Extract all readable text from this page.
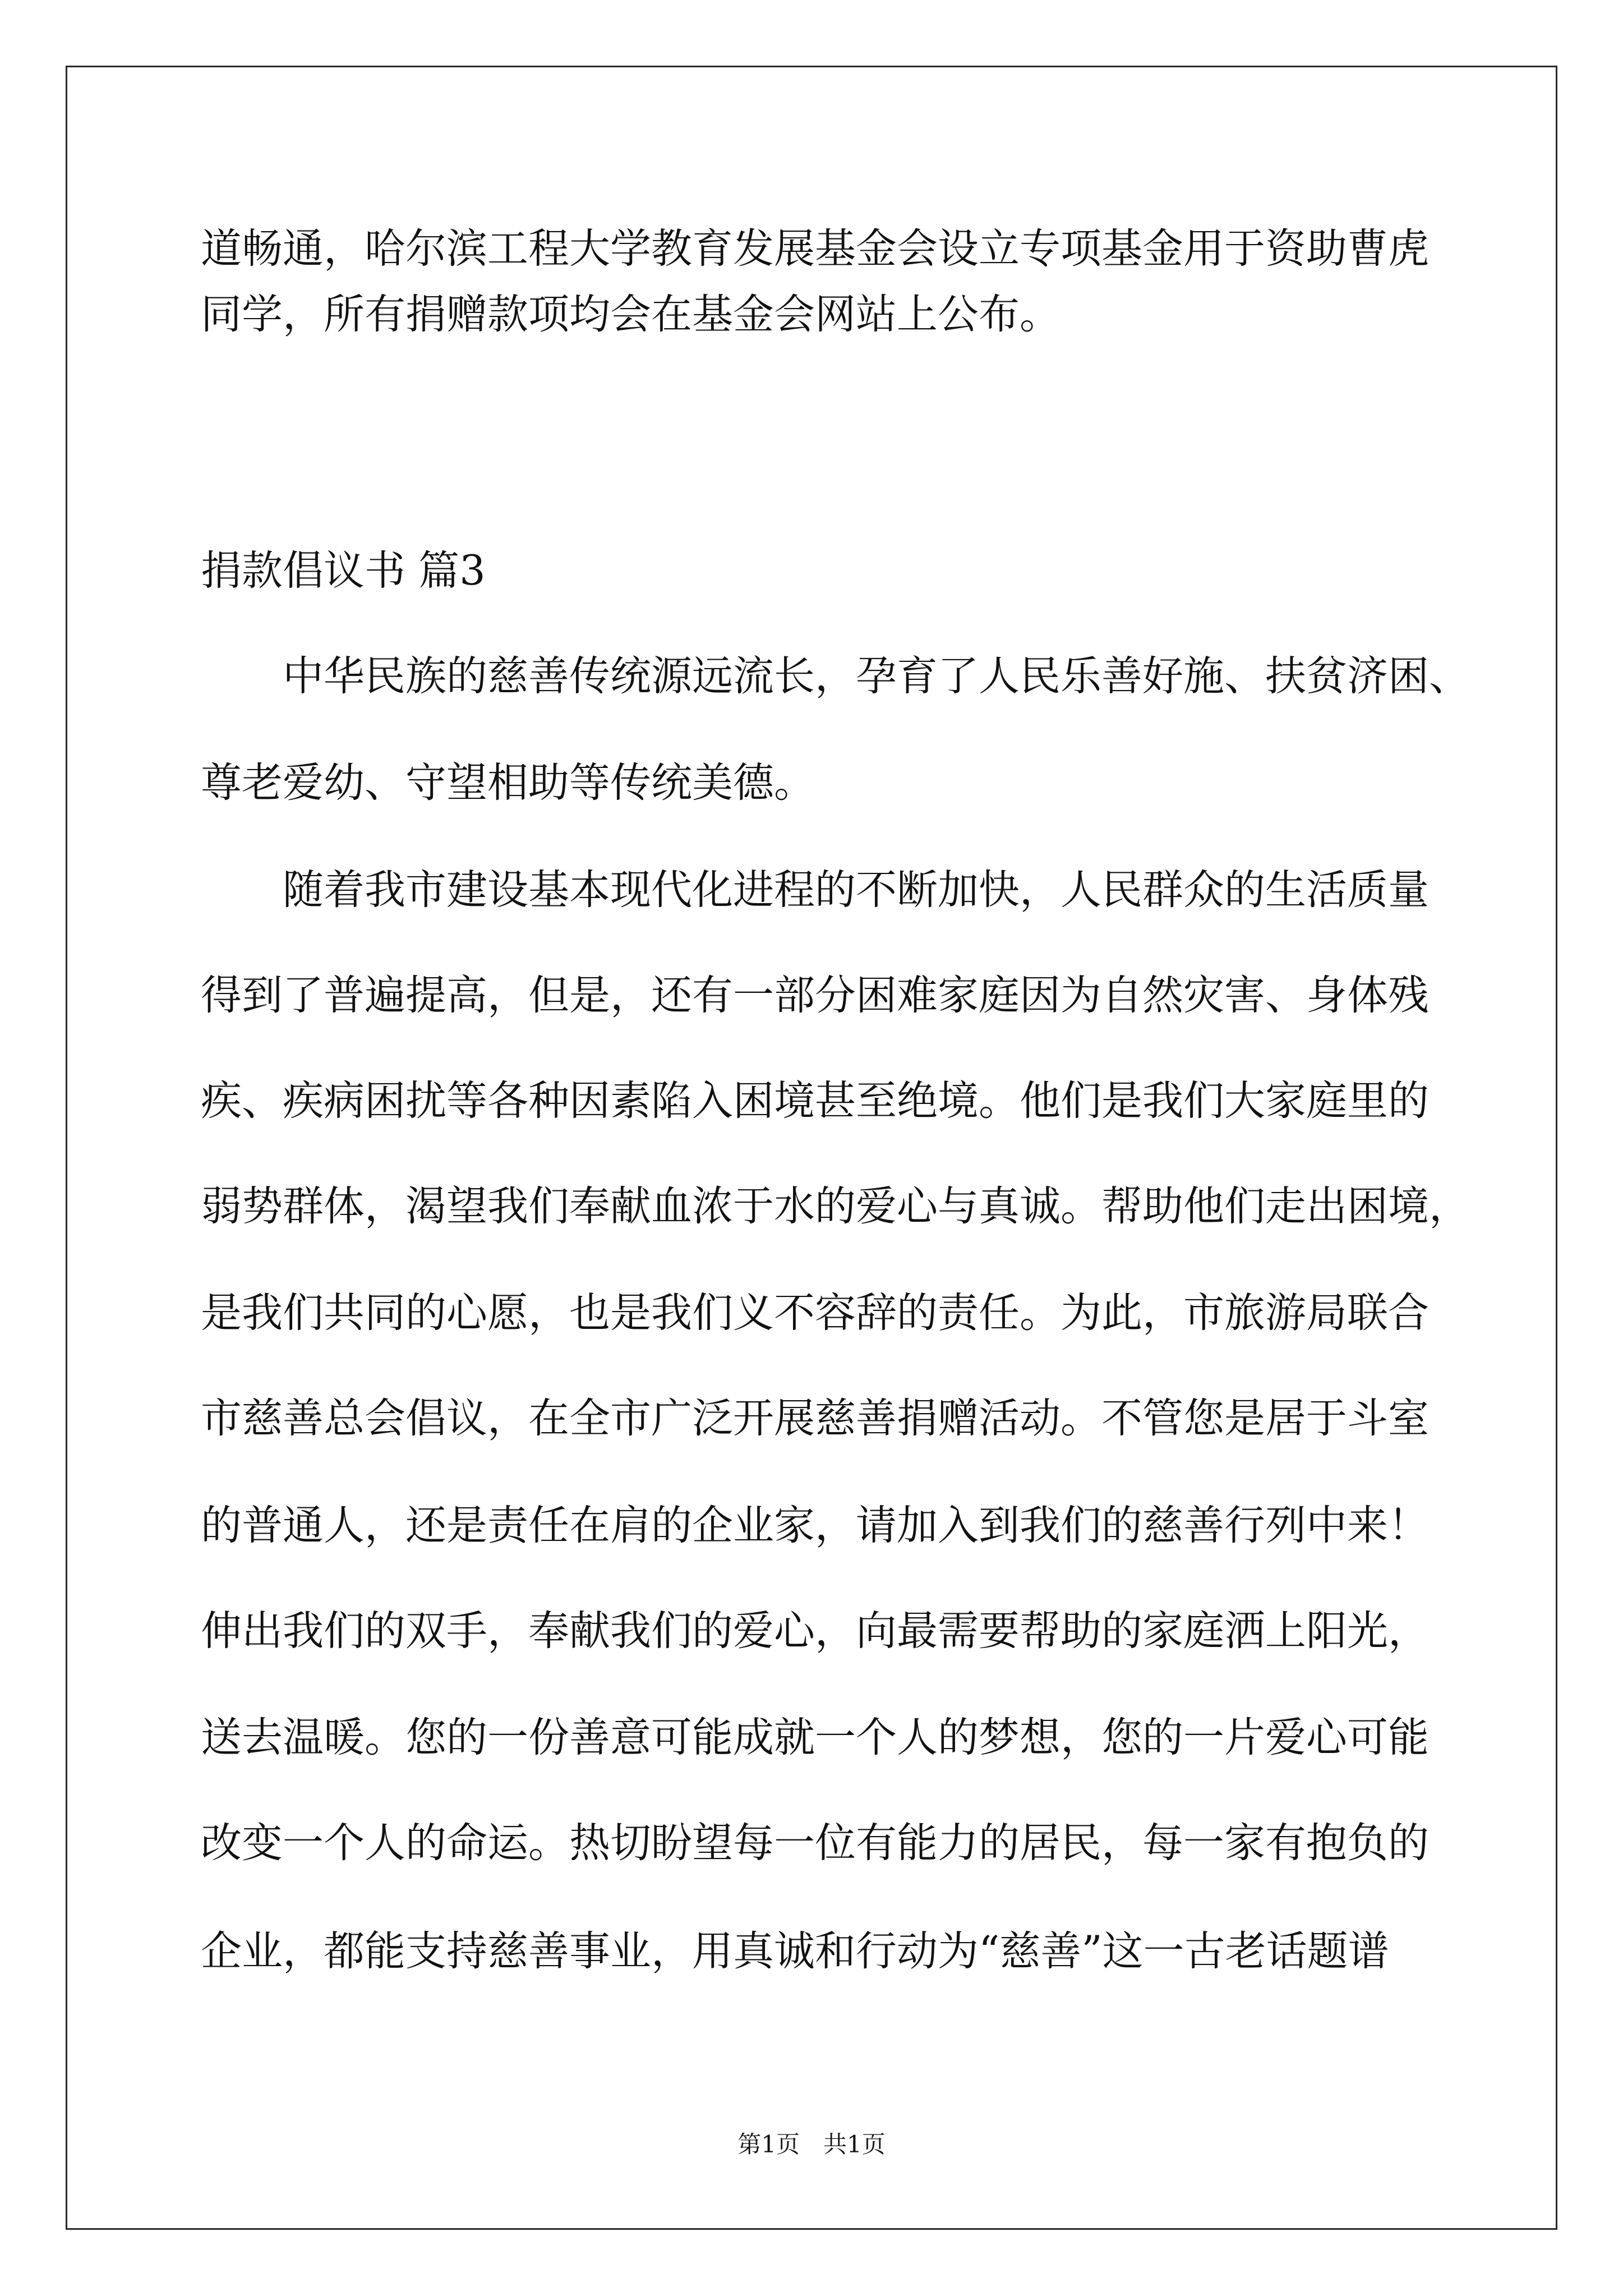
道畅通，哈尔滨工程大学教育发展基金会设立专项基金用于资助曹虎
同学，所有捐赠款项均会在基金会网站上公布。
捐款倡议书 篇3
中华民族的慈善传统源远流长，孕育了人民乐善好施、扶贫济困、
尊老爱幼、守望相助等传统美德。
随着我市建设基本现代化进程的不断加快，人民群众的生活质量
得到了普遍提高，但是，还有一部分困难家庭因为自然灾害、身体残
疾、疾病困扰等各种因素陷入困境甚至绝境。他们是我们大家庭里的
弱势群体，渴望我们奉献血浓于水的爱心与真诚。帮助他们走出困境，
是我们共同的心愿，也是我们义不容辞的责任。为此，市旅游局联合
市慈善总会倡议，在全市广泛开展慈善捐赠活动。不管您是居于斗室
的普通人，还是责任在肩的企业家，请加入到我们的慈善行列中来！
伸出我们的双手，奉献我们的爱心，向最需要帮助的家庭洒上阳光，
送去温暖。您的一份善意可能成就一个人的梦想，您的一片爱心可能
改变一个人的命运。热切盼望每一位有能力的居民，每一家有抱负的
企业，都能支持慈善事业，用真诚和行动为“慈善”这一古老话题谱
第1页　共1页
